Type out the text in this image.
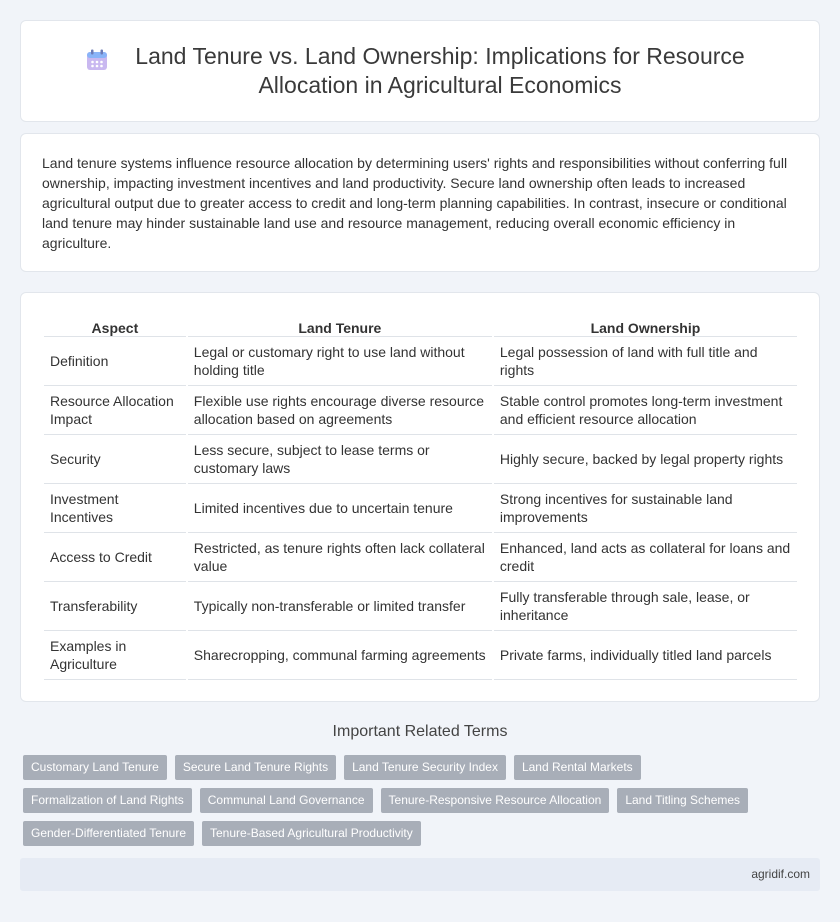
Land Tenure vs. Land Ownership: Implications for Resource Allocation in Agricultural Economics

Land tenure systems influence resource allocation by determining users' rights and responsibilities without conferring full ownership, impacting investment incentives and land productivity. Secure land ownership often leads to increased agricultural output due to greater access to credit and long-term planning capabilities. In contrast, insecure or conditional land tenure may hinder sustainable land use and resource management, reducing overall economic efficiency in agriculture.

Aspect	Land Tenure	Land Ownership
Definition	Legal or customary right to use land without holding title	Legal possession of land with full title and rights
Resource Allocation Impact	Flexible use rights encourage diverse resource allocation based on agreements	Stable control promotes long-term investment and efficient resource allocation
Security	Less secure, subject to lease terms or customary laws	Highly secure, backed by legal property rights
Investment Incentives	Limited incentives due to uncertain tenure	Strong incentives for sustainable land improvements
Access to Credit	Restricted, as tenure rights often lack collateral value	Enhanced, land acts as collateral for loans and credit
Transferability	Typically non-transferable or limited transfer	Fully transferable through sale, lease, or inheritance
Examples in Agriculture	Sharecropping, communal farming agreements	Private farms, individually titled land parcels
Important Related Terms
Customary Land Tenure	Secure Land Tenure Rights	Land Tenure Security Index	Land Rental Markets
Formalization of Land Rights	Communal Land Governance	Tenure-Responsive Resource Allocation	Land Titling Schemes
Gender-Differentiated Tenure	Tenure-Based Agricultural Productivity
agridif.com
